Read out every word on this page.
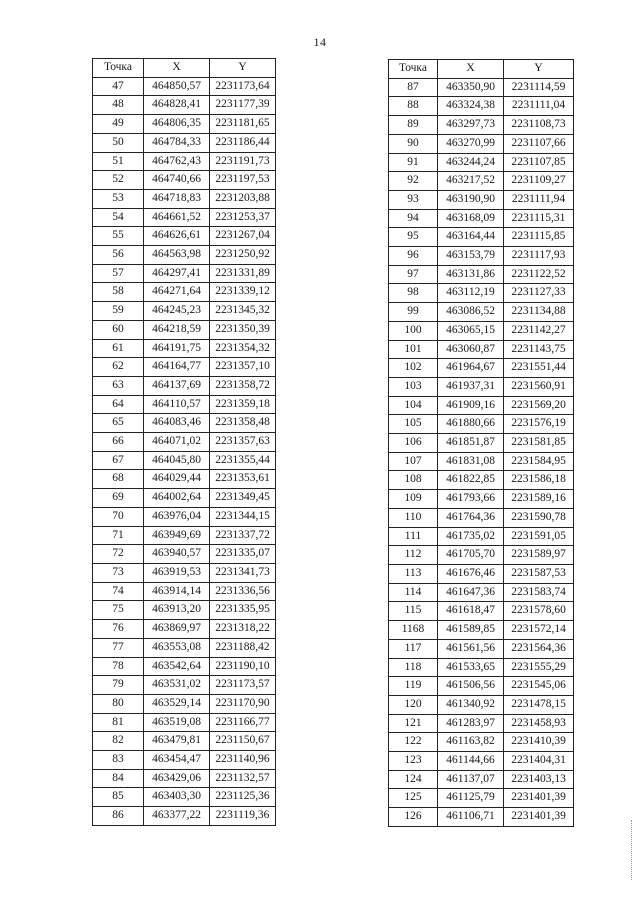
14
Точка	X	Y
47	464850,57	2231173,64
48	464828,41	2231177,39
49	464806,35	2231181,65
50	464784,33	2231186,44
51	464762,43	2231191,73
52	464740,66	2231197,53
53	464718,83	2231203,88
54	464661,52	2231253,37
55	464626,61	2231267,04
56	464563,98	2231250,92
57	464297,41	2231331,89
58	464271,64	2231339,12
59	464245,23	2231345,32
60	464218,59	2231350,39
61	464191,75	2231354,32
62	464164,77	2231357,10
63	464137,69	2231358,72
64	464110,57	2231359,18
65	464083,46	2231358,48
66	464071,02	2231357,63
67	464045,80	2231355,44
68	464029,44	2231353,61
69	464002,64	2231349,45
70	463976,04	2231344,15
71	463949,69	2231337,72
72	463940,57	2231335,07
73	463919,53	2231341,73
74	463914,14	2231336,56
75	463913,20	2231335,95
76	463869,97	2231318,22
77	463553,08	2231188,42
78	463542,64	2231190,10
79	463531,02	2231173,57
80	463529,14	2231170,90
81	463519,08	2231166,77
82	463479,81	2231150,67
83	463454,47	2231140,96
84	463429,06	2231132,57
85	463403,30	2231125,36
86	463377,22	2231119,36
Точка	X	Y
87	463350,90	2231114,59
88	463324,38	2231111,04
89	463297,73	2231108,73
90	463270,99	2231107,66
91	463244,24	2231107,85
92	463217,52	2231109,27
93	463190,90	2231111,94
94	463168,09	2231115,31
95	463164,44	2231115,85
96	463153,79	2231117,93
97	463131,86	2231122,52
98	463112,19	2231127,33
99	463086,52	2231134,88
100	463065,15	2231142,27
101	463060,87	2231143,75
102	461964,67	2231551,44
103	461937,31	2231560,91
104	461909,16	2231569,20
105	461880,66	2231576,19
106	461851,87	2231581,85
107	461831,08	2231584,95
108	461822,85	2231586,18
109	461793,66	2231589,16
110	461764,36	2231590,78
111	461735,02	2231591,05
112	461705,70	2231589,97
113	461676,46	2231587,53
114	461647,36	2231583,74
115	461618,47	2231578,60
1168	461589,85	2231572,14
117	461561,56	2231564,36
118	461533,65	2231555,29
119	461506,56	2231545,06
120	461340,92	2231478,15
121	461283,97	2231458,93
122	461163,82	2231410,39
123	461144,66	2231404,31
124	461137,07	2231403,13
125	461125,79	2231401,39
126	461106,71	2231401,39
